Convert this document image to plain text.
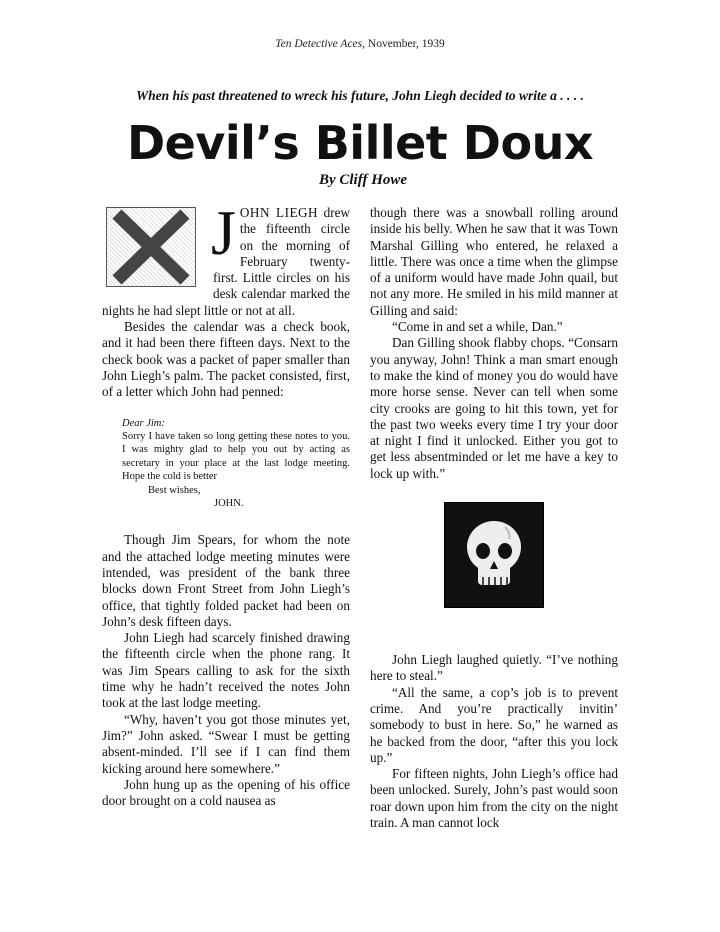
Ten Detective Aces, November, 1939
When his past threatened to wreck his future, John Liegh decided to write a . . . .
Devil’s Billet Doux
By Cliff Howe

JOHN LIEGH drew the fifteenth circle on the morning of February twenty-first. Little circles on his desk calendar marked the nights he had slept little or not at all.

Besides the calendar was a check book, and it had been there fifteen days. Next to the check book was a packet of paper smaller than John Liegh’s palm. The packet consisted, first, of a letter which John had penned:

Dear Jim:

Sorry I have taken so long getting these notes to you. I was mighty glad to help you out by acting as secretary in your place at the last lodge meeting. Hope the cold is better

Best wishes,

JOHN.

Though Jim Spears, for whom the note and the attached lodge meeting minutes were intended, was president of the bank three blocks down Front Street from John Liegh’s office, that tightly folded packet had been on John’s desk fifteen days.

John Liegh had scarcely finished drawing the fifteenth circle when the phone rang. It was Jim Spears calling to ask for the sixth time why he hadn’t received the notes John took at the last lodge meeting.

“Why, haven’t you got those minutes yet, Jim?” John asked. “Swear I must be getting absent-minded. I’ll see if I can find them kicking around here somewhere.”

John hung up as the opening of his office door brought on a cold nausea as

though there was a snowball rolling around inside his belly. When he saw that it was Town Marshal Gilling who entered, he relaxed a little. There was once a time when the glimpse of a uniform would have made John quail, but not any more. He smiled in his mild manner at Gilling and said:

“Come in and set a while, Dan.”

Dan Gilling shook flabby chops. “Consarn you anyway, John! Think a man smart enough to make the kind of money you do would have more horse sense. Never can tell when some city crooks are going to hit this town, yet for the past two weeks every time I try your door at night I find it unlocked. Either you got to get less absentminded or let me have a key to lock up with.”

John Liegh laughed quietly. “I’ve nothing here to steal.”

“All the same, a cop’s job is to prevent crime. And you’re practically invitin’ somebody to bust in here. So,” he warned as he backed from the door, “after this you lock up.”

For fifteen nights, John Liegh’s office had been unlocked. Surely, John’s past would soon roar down upon him from the city on the night train. A man cannot lock
